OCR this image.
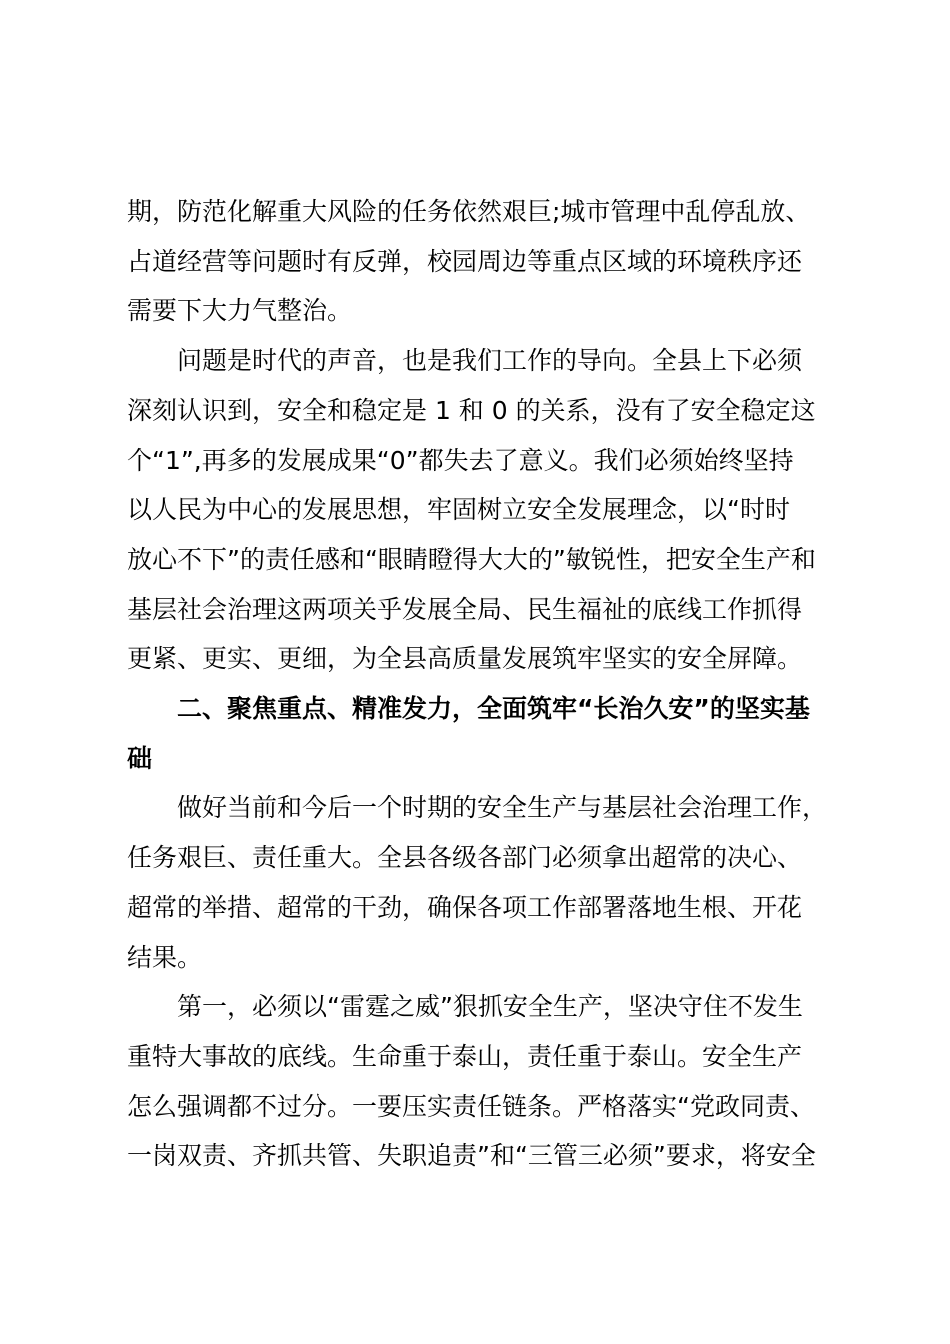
期，防范化解重大风险的任务依然艰巨;城市管理中乱停乱放、
占道经营等问题时有反弹，校园周边等重点区域的环境秩序还
需要下大力气整治。

问题是时代的声音，也是我们工作的导向。全县上下必须
深刻认识到，安全和稳定是 1 和 0 的关系，没有了安全稳定这
个“1”,再多的发展成果“0”都失去了意义。我们必须始终坚持
以人民为中心的发展思想，牢固树立安全发展理念，以“时时
放心不下”的责任感和“眼睛瞪得大大的”敏锐性，把安全生产和
基层社会治理这两项关乎发展全局、民生福祉的底线工作抓得
更紧、更实、更细，为全县高质量发展筑牢坚实的安全屏障。

二、聚焦重点、精准发力，全面筑牢“长治久安”的坚实基
础

做好当前和今后一个时期的安全生产与基层社会治理工作，
任务艰巨、责任重大。全县各级各部门必须拿出超常的决心、
超常的举措、超常的干劲，确保各项工作部署落地生根、开花
结果。

第一，必须以“雷霆之威”狠抓安全生产，坚决守住不发生
重特大事故的底线。生命重于泰山，责任重于泰山。安全生产
怎么强调都不过分。一要压实责任链条。严格落实“党政同责、
一岗双责、齐抓共管、失职追责”和“三管三必须”要求，将安全
